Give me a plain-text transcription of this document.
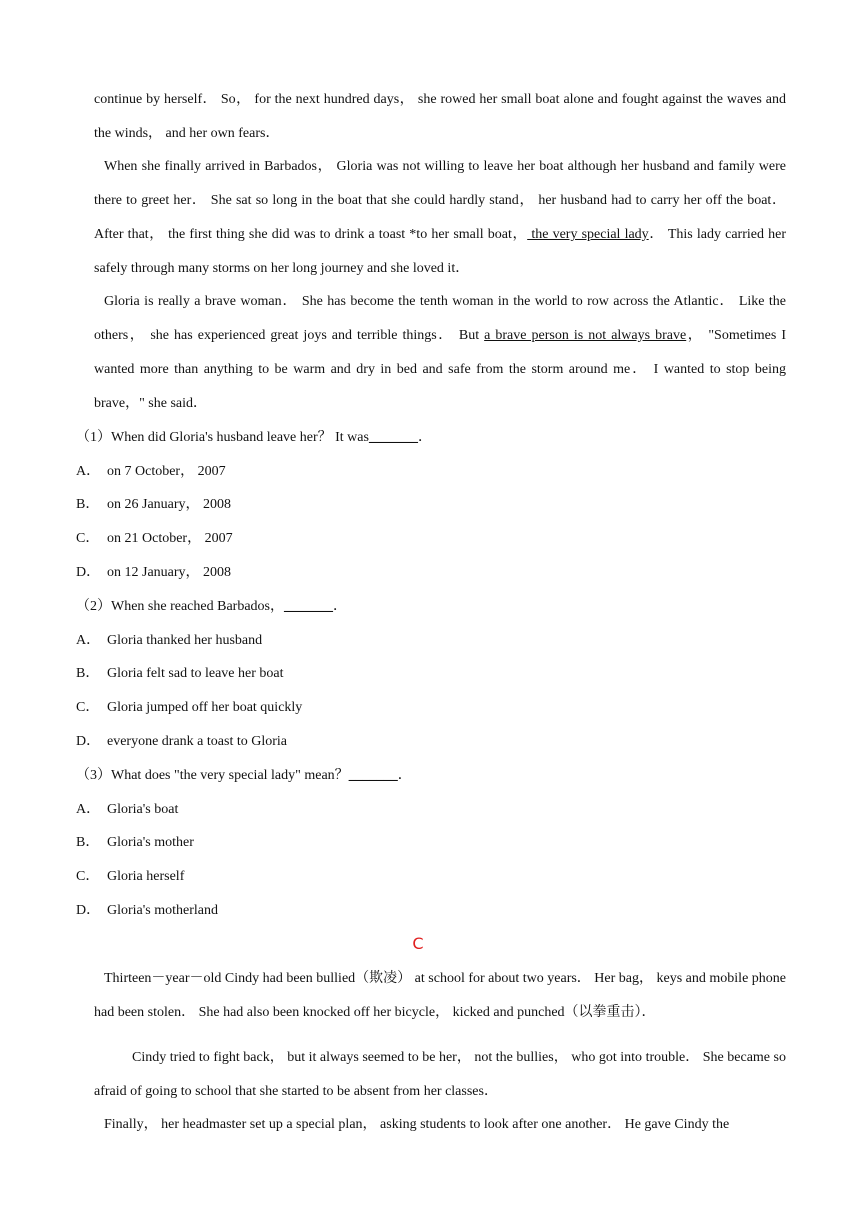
continue by herself． So， for the next hundred days， she rowed her small boat alone and fought against the waves and the winds， and her own fears．

When she finally arrived in Barbados， Gloria was not willing to leave her boat although her husband and family were there to greet her． She sat so long in the boat that she could hardly stand， her husband had to carry her off the boat． After that， the first thing she did was to drink a toast *to her small boat， the very special lady． This lady carried her safely through many storms on her long journey and she loved it．

Gloria is really a brave woman． She has become the tenth woman in the world to row across the Atlantic． Like the others， she has experienced great joys and terrible things． But a brave person is not always brave， "Sometimes I wanted more than anything to be warm and dry in bed and safe from the storm around me． I wanted to stop being brave，" she said．

（1）When did Gloria's husband leave her？ It was_______．
A． on 7 October， 2007
B． on 26 January， 2008
C． on 21 October， 2007
D． on 12 January， 2008
（2）When she reached Barbados，_______．
A． Gloria thanked her husband
B． Gloria felt sad to leave her boat
C． Gloria jumped off her boat quickly
D． everyone drank a toast to Gloria
（3）What does "the very special lady" mean？_______．
A． Gloria's boat
B． Gloria's mother
C． Gloria herself
D． Gloria's motherland
C

Thirteen－year－old Cindy had been bullied（欺凌） at school for about two years． Her bag， keys and mobile phone had been stolen． She had also been knocked off her bicycle， kicked and punched（以拳重击）．

Cindy tried to fight back， but it always seemed to be her， not the bullies， who got into trouble． She became so afraid of going to school that she started to be absent from her classes．

Finally， her headmaster set up a special plan， asking students to look after one another． He gave Cindy the
